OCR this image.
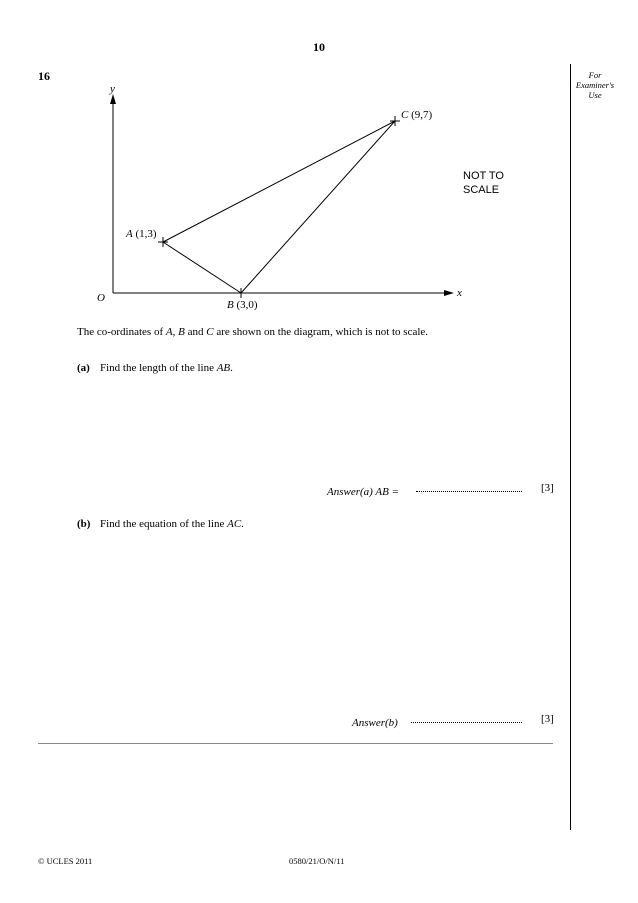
10
16	For
Examiner's
Use
y
x
O
A (1,3)
B (3,0)
C (9,7)
NOT TO
SCALE
The co-ordinates of A, B and C are shown on the diagram, which is not to scale.
(a) Find the length of the line AB.
Answer(a) AB =	[3]
(b) Find the equation of the line AC.
Answer(b)	[3]
© UCLES 2011	0580/21/O/N/11
